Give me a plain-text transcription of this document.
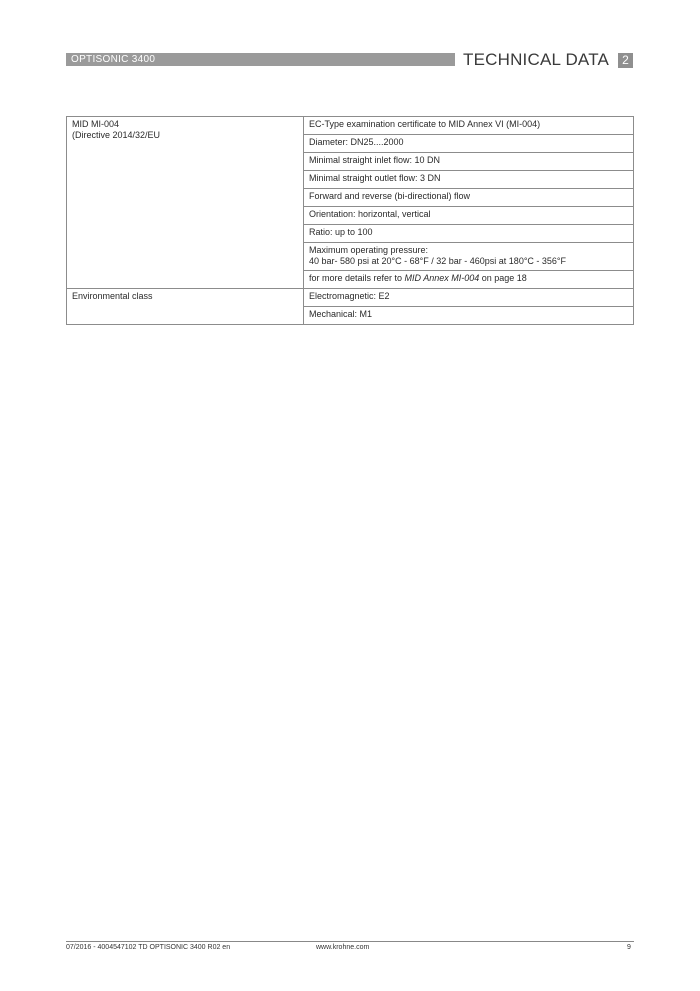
OPTISONIC 3400	TECHNICAL DATA	2
MID MI-004
(Directive 2014/32/EU	EC-Type examination certificate to MID Annex VI (MI-004)
	Diameter: DN25....2000
	Minimal straight inlet flow: 10 DN
	Minimal straight outlet flow: 3 DN
	Forward and reverse (bi-directional) flow
	Orientation: horizontal, vertical
	Ratio: up to 100

	Maximum operating pressure:
40 bar- 580 psi at 20°C - 68°F / 32 bar - 460psi at 180°C - 356°F

	for more details refer to MID Annex MI-004 on page 18
Environmental class	Electromagnetic: E2
	Mechanical: M1
07/2016 - 4004547102 TD OPTISONIC 3400 R02 en	www.krohne.com	9
